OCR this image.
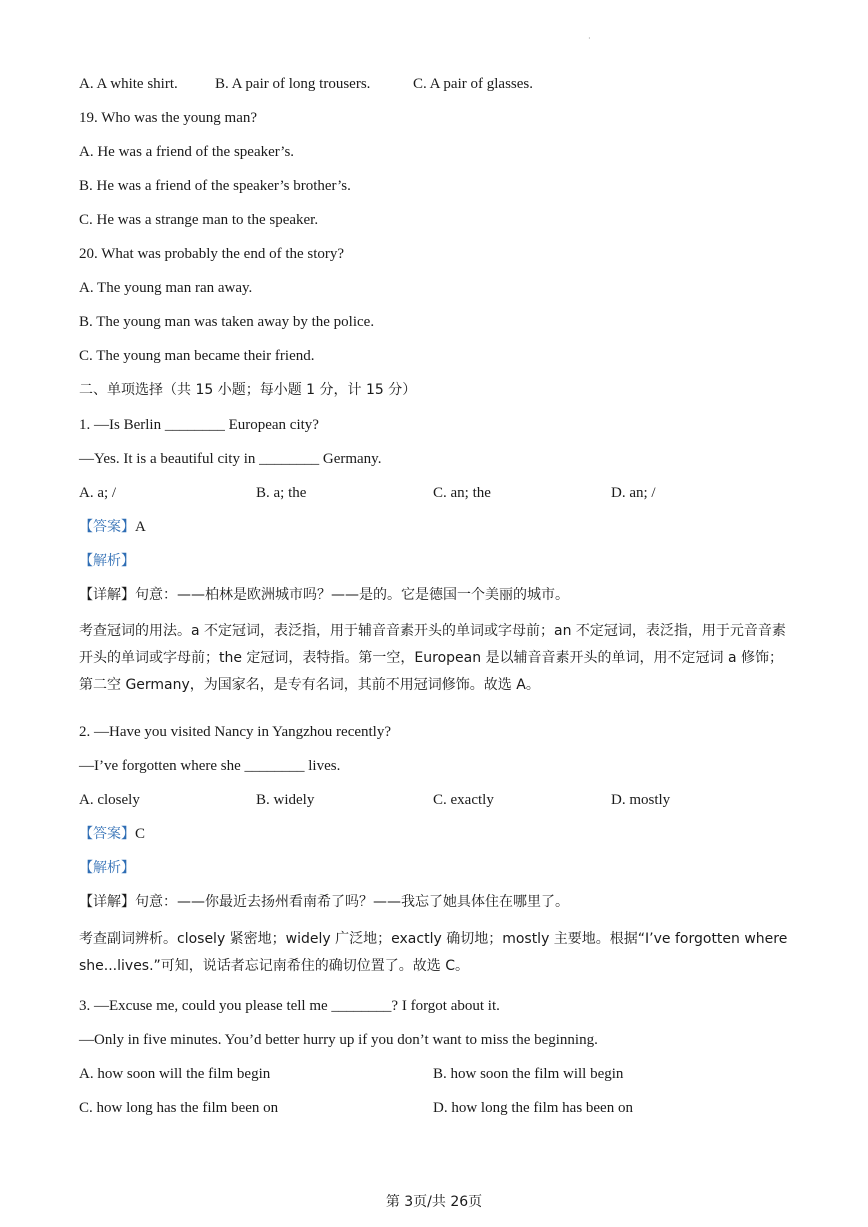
·
A. A white shirt. B. A pair of long trousers.	C. A pair of glasses.
19. Who was the young man?
A. He was a friend of the speaker’s.
B. He was a friend of the speaker’s brother’s.
C. He was a strange man to the speaker.
20. What was probably the end of the story?
A. The young man ran away.
B. The young man was taken away by the police.
C. The young man became their friend.
二、单项选择（共 15 小题；每小题 1 分，计 15 分）
1. —Is Berlin ________ European city?
—Yes. It is a beautiful city in ________ Germany.
A. a; /	B. a; the	C. an; the	D. an; /
【答案】A
【解析】
【详解】句意：——柏林是欧洲城市吗？——是的。它是德国一个美丽的城市。
考查冠词的用法。a 不定冠词，表泛指，用于辅音音素开头的单词或字母前；an 不定冠词，表泛指，用于元音音素开头的单词或字母前；the 定冠词，表特指。第一空，European 是以辅音音素开头的单词，用不定冠词 a 修饰；第二空 Germany，为国家名，是专有名词，其前不用冠词修饰。故选 A。
2. —Have you visited Nancy in Yangzhou recently?
—I’ve forgotten where she ________ lives.
A. closely	B. widely	C. exactly	D. mostly
【答案】C
【解析】
【详解】句意：——你最近去扬州看南希了吗？——我忘了她具体住在哪里了。
考查副词辨析。closely 紧密地；widely 广泛地；exactly 确切地；mostly 主要地。根据“I’ve forgotten where she...lives.”可知，说话者忘记南希住的确切位置了。故选 C。
3. —Excuse me, could you please tell me ________? I forgot about it.
—Only in five minutes. You’d better hurry up if you don’t want to miss the beginning.
A. how soon will the film begin	B. how soon the film will begin
C. how long has the film been on	D. how long the film has been on
第 3页/共 26页
